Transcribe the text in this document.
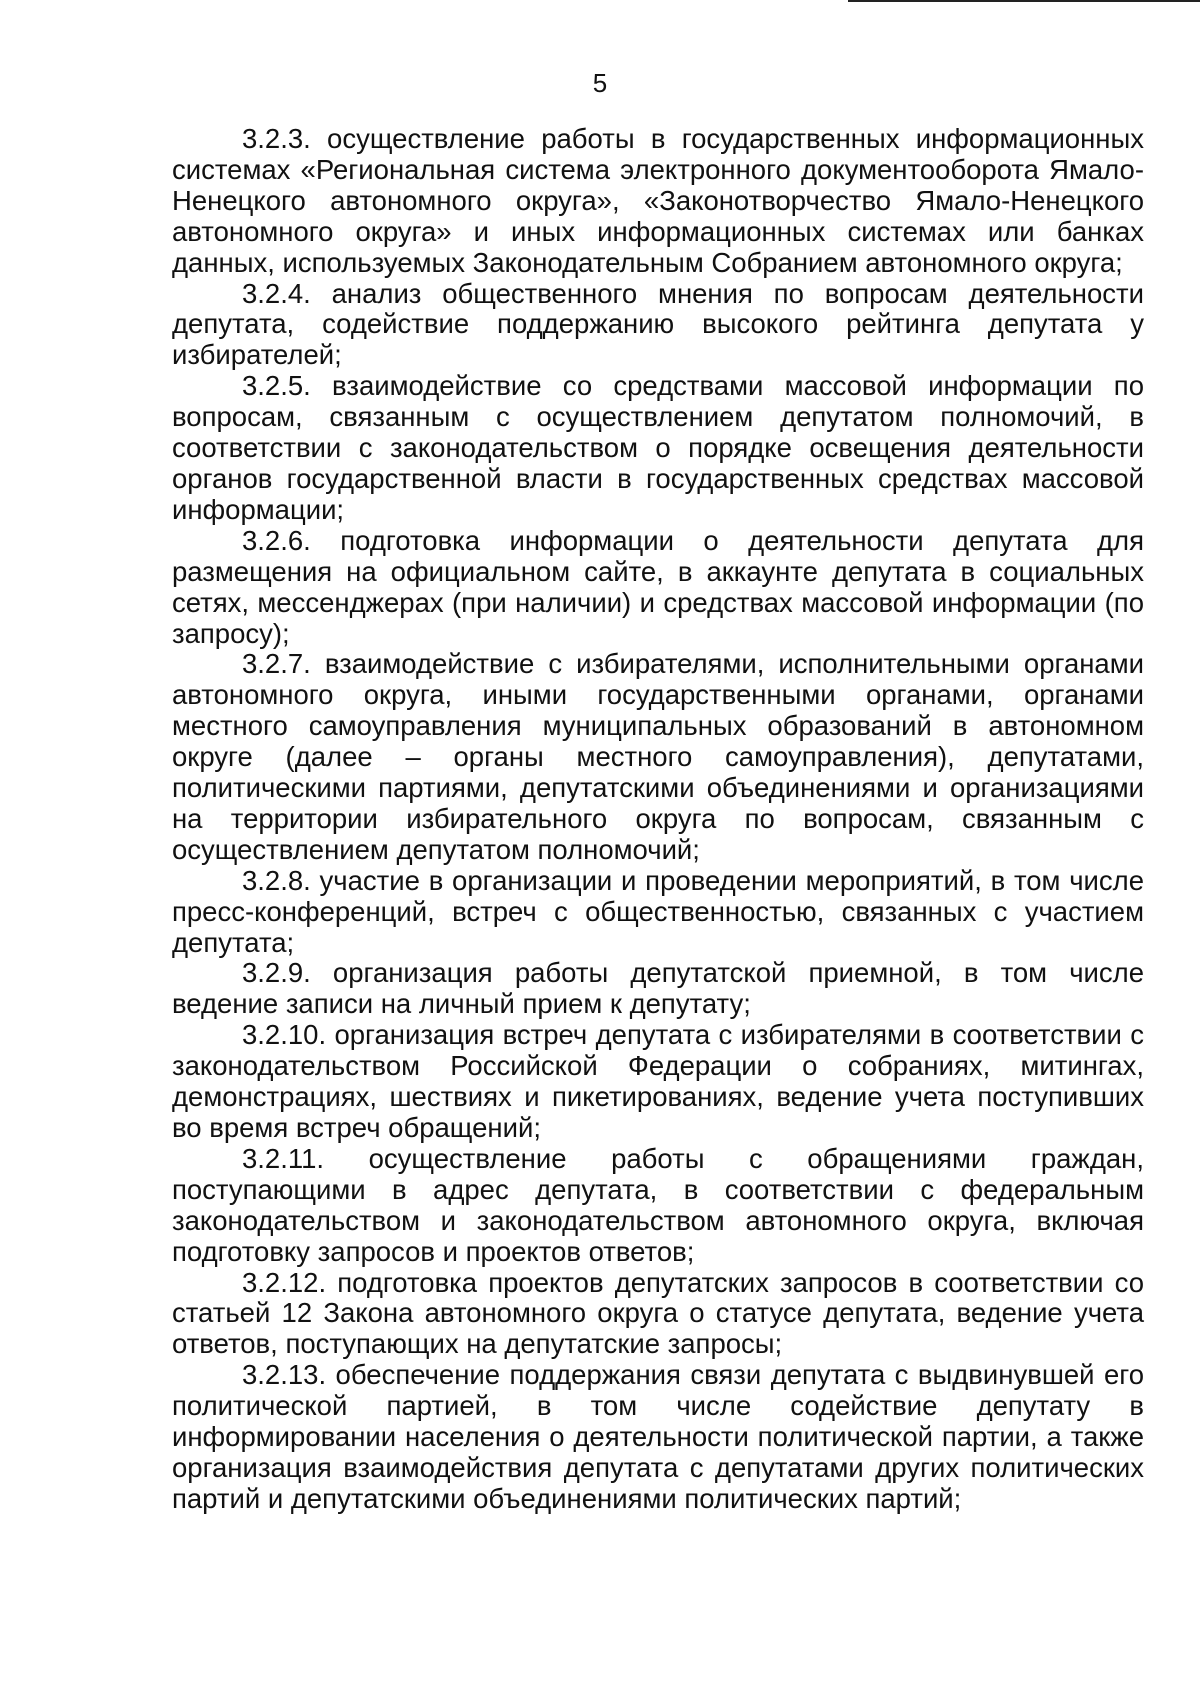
5

3.2.3. осуществление работы в государственных информационных системах «Региональная система электронного документооборота Ямало-Ненецкого автономного округа», «Законотворчество Ямало-Ненецкого автономного округа» и иных информационных системах или банках данных, используемых Законодательным Собранием автономного округа;

3.2.4. анализ общественного мнения по вопросам деятельности депутата, содействие поддержанию высокого рейтинга депутата у избирателей;

3.2.5. взаимодействие со средствами массовой информации по вопросам, связанным с осуществлением депутатом полномочий, в соответствии с законодательством о порядке освещения деятельности органов государственной власти в государственных средствах массовой информации;

3.2.6. подготовка информации о деятельности депутата для размещения на официальном сайте, в аккаунте депутата в социальных сетях, мессенджерах (при наличии) и средствах массовой информации (по запросу);

3.2.7. взаимодействие с избирателями, исполнительными органами автономного округа, иными государственными органами, органами местного самоуправления муниципальных образований в автономном округе (далее – органы местного самоуправления), депутатами, политическими партиями, депутатскими объединениями и организациями на территории избирательного округа по вопросам, связанным с осуществлением депутатом полномочий;

3.2.8. участие в организации и проведении мероприятий, в том числе пресс-конференций, встреч с общественностью, связанных с участием депутата;

3.2.9. организация работы депутатской приемной, в том числе ведение записи на личный прием к депутату;

3.2.10. организация встреч депутата с избирателями в соответствии с законодательством Российской Федерации о собраниях, митингах, демонстрациях, шествиях и пикетированиях, ведение учета поступивших во время встреч обращений;

3.2.11. осуществление работы с обращениями граждан, поступающими в адрес депутата, в соответствии с федеральным законодательством и законодательством автономного округа, включая подготовку запросов и проектов ответов;

3.2.12. подготовка проектов депутатских запросов в соответствии со статьей 12 Закона автономного округа о статусе депутата, ведение учета ответов, поступающих на депутатские запросы;

3.2.13. обеспечение поддержания связи депутата с выдвинувшей его политической партией, в том числе содействие депутату в информировании населения о деятельности политической партии, а также организация взаимодействия депутата с депутатами других политических партий и депутатскими объединениями политических партий;
